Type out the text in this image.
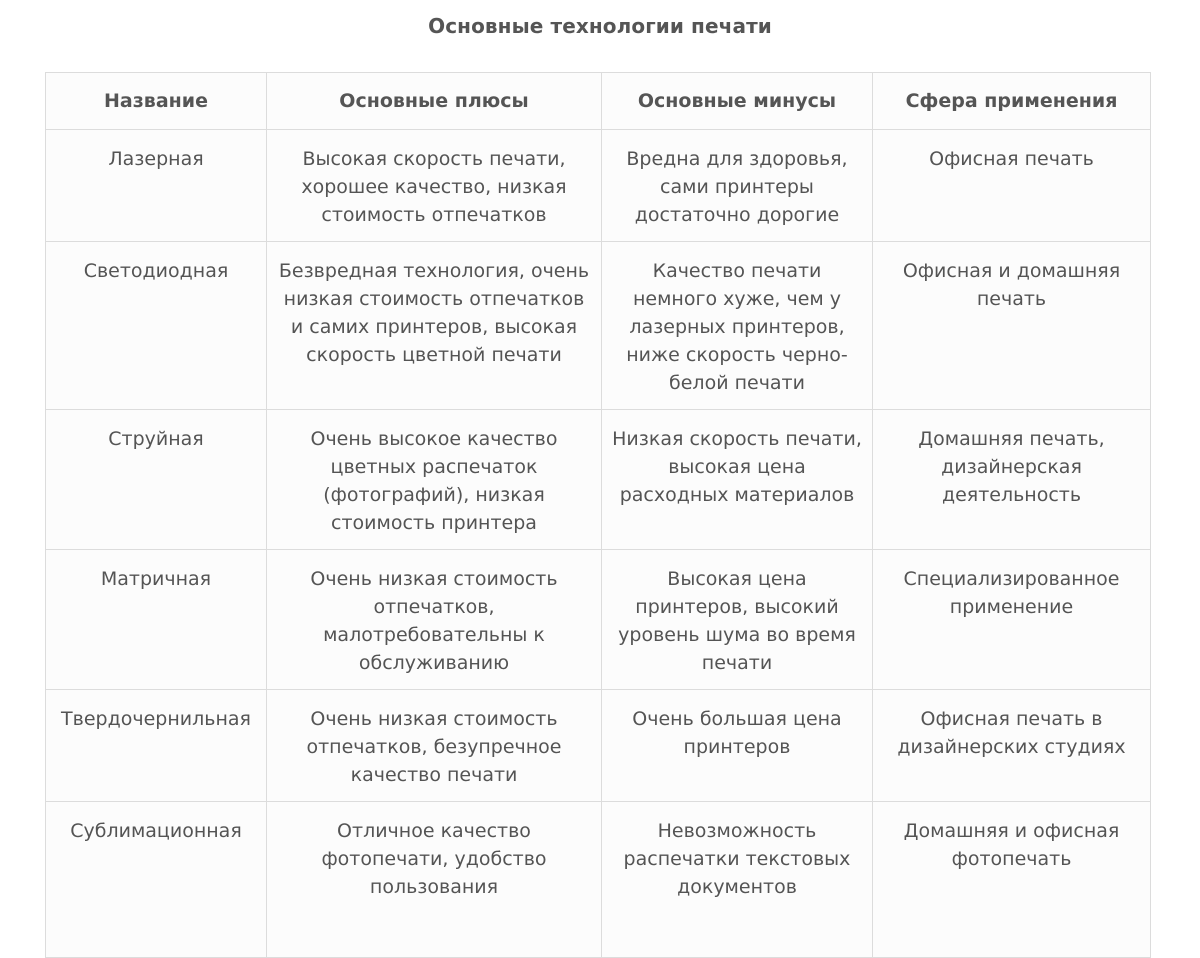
Основные технологии печати
Название	Основные плюсы	Основные минусы	Сфера применения
Лазерная	Высокая скорость печати, хорошее качество, низкая стоимость отпечатков	Вредна для здоровья, сами принтеры достаточно дорогие	Офисная печать
Светодиодная	Безвредная технология, очень низкая стоимость отпечатков и самих принтеров, высокая скорость цветной печати	Качество печати немного хуже, чем у лазерных принтеров, ниже скорость черно-белой печати	Офисная и домашняя печать
Струйная	Очень высокое качество цветных распечаток (фотографий), низкая стоимость принтера	Низкая скорость печати, высокая цена расходных материалов	Домашняя печать, дизайнерская деятельность
Матричная	Очень низкая стоимость отпечатков, малотребовательны к обслуживанию	Высокая цена принтеров, высокий уровень шума во время печати	Специализированное применение
Твердочернильная	Очень низкая стоимость отпечатков, безупречное качество печати	Очень большая цена принтеров	Офисная печать в дизайнерских студиях
Сублимационная	Отличное качество фотопечати, удобство пользования	Невозможность распечатки текстовых документов	Домашняя и офисная фотопечать
